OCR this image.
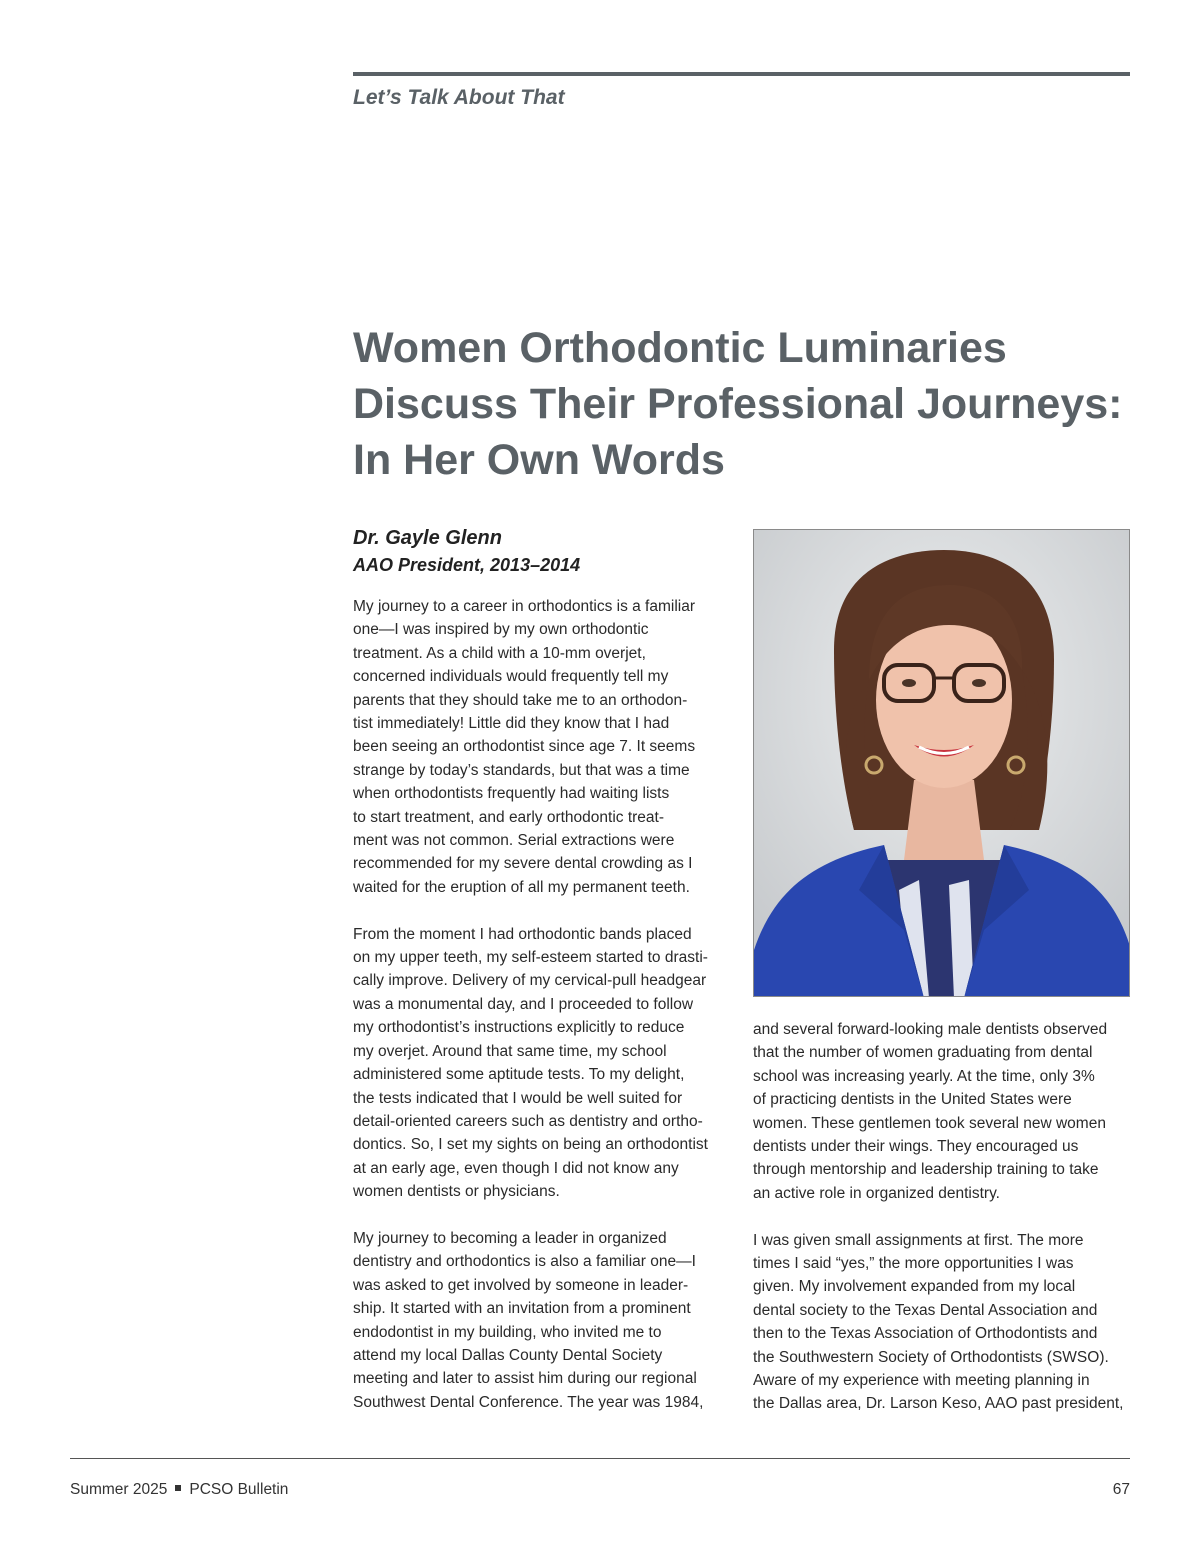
Let’s Talk About That
Women Orthodontic Luminaries
Discuss Their Professional Journeys:
In Her Own Words
Dr. Gayle Glenn
AAO President, 2013–2014

My journey to a career in orthodontics is a familiar
one—I was inspired by my own orthodontic
treatment. As a child with a 10-mm overjet,
concerned individuals would frequently tell my
parents that they should take me to an orthodon-
tist immediately! Little did they know that I had
been seeing an orthodontist since age 7. It seems
strange by today’s standards, but that was a time
when orthodontists frequently had waiting lists
to start treatment, and early orthodontic treat-
ment was not common. Serial extractions were
recommended for my severe dental crowding as I
waited for the eruption of all my permanent teeth.

From the moment I had orthodontic bands placed
on my upper teeth, my self-esteem started to drasti-
cally improve. Delivery of my cervical-pull headgear
was a monumental day, and I proceeded to follow
my orthodontist’s instructions explicitly to reduce
my overjet. Around that same time, my school
administered some aptitude tests. To my delight,
the tests indicated that I would be well suited for
detail-oriented careers such as dentistry and ortho-
dontics. So, I set my sights on being an orthodontist
at an early age, even though I did not know any
women dentists or physicians.

My journey to becoming a leader in organized
dentistry and orthodontics is also a familiar one—I
was asked to get involved by someone in leader-
ship. It started with an invitation from a prominent
endodontist in my building, who invited me to
attend my local Dallas County Dental Society
meeting and later to assist him during our regional
Southwest Dental Conference. The year was 1984,

and several forward-looking male dentists observed
that the number of women graduating from dental
school was increasing yearly. At the time, only 3%
of practicing dentists in the United States were
women. These gentlemen took several new women
dentists under their wings. They encouraged us
through mentorship and leadership training to take
an active role in organized dentistry.

I was given small assignments at first. The more
times I said “yes,” the more opportunities I was
given. My involvement expanded from my local
dental society to the Texas Dental Association and
then to the Texas Association of Orthodontists and
the Southwestern Society of Orthodontists (SWSO).
Aware of my experience with meeting planning in
the Dallas area, Dr. Larson Keso, AAO past president,

Summer 2025 PCSO Bulletin	67
